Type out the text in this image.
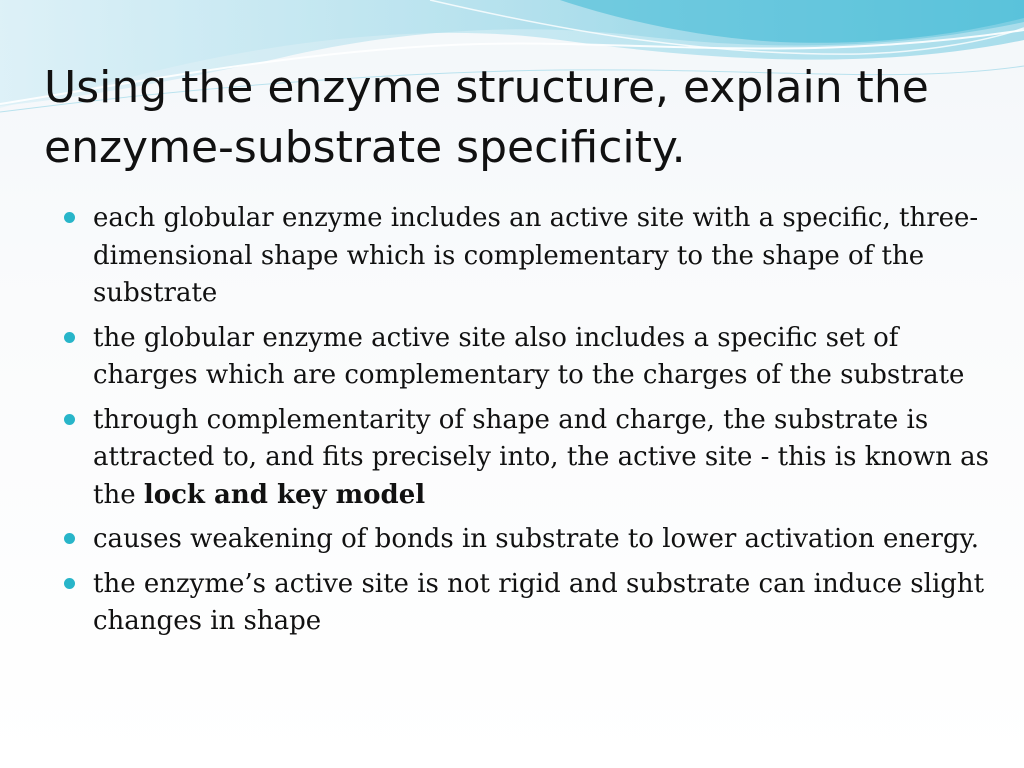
Using the enzyme structure, explain the enzyme-substrate specificity.
each globular enzyme includes an active site with a specific, three-dimensional shape which is complementary to the shape of the substrate
the globular enzyme active site also includes a specific set of charges which are complementary to the charges of the substrate
through complementarity of shape and charge, the substrate is attracted to, and fits precisely into, the active site - this is known as the lock and key model
causes weakening of bonds in substrate to lower activation energy.
the enzyme’s active site is not rigid and substrate can induce slight changes in shape
